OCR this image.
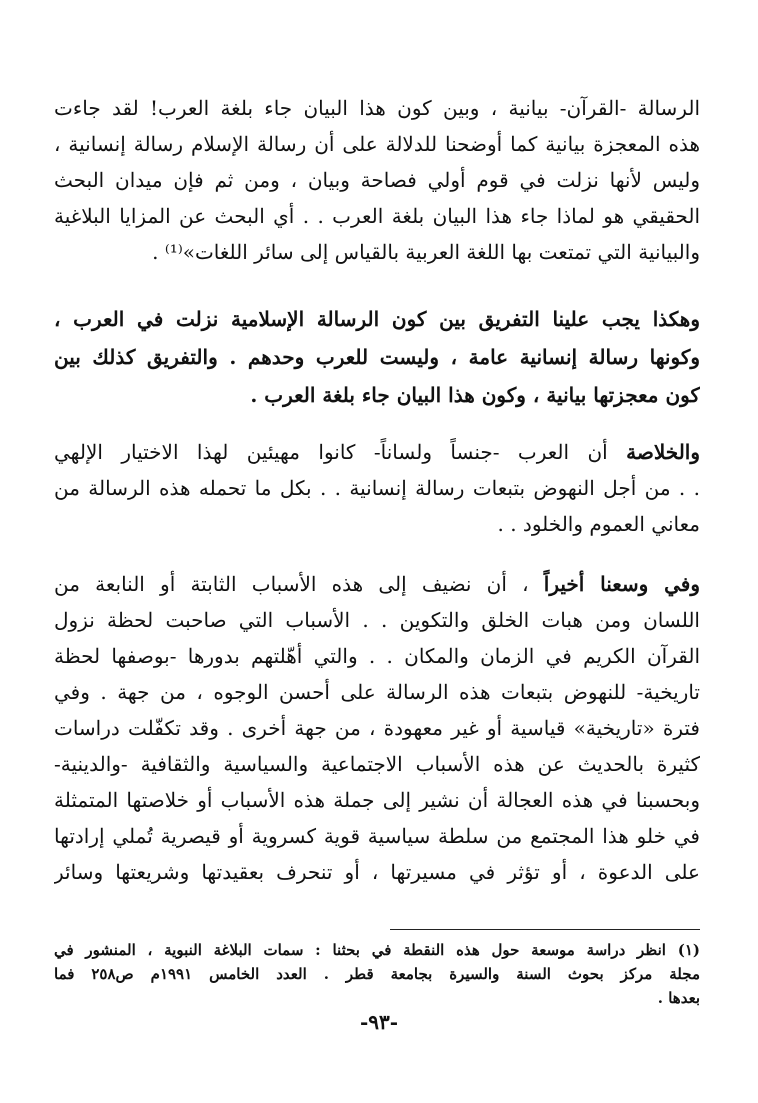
الرسالة -القرآن- بيانية ، وبين كون هذا البيان جاء بلغة العرب! لقد جاءت
هذه المعجزة بيانية كما أوضحنا للدلالة على أن رسالة الإسلام رسالة إنسانية ،
وليس لأنها نزلت في قوم أولي فصاحة وبيان ، ومن ثم فإن ميدان البحث
الحقيقي هو لماذا جاء هذا البيان بلغة العرب . . أي البحث عن المزايا البلاغية
والبيانية التي تمتعت بها اللغة العربية بالقياس إلى سائر اللغات»⁽¹⁾ .
وهكذا يجب علينا التفريق بين كون الرسالة الإسلامية نزلت في العرب ،
وكونها رسالة إنسانية عامة ، وليست للعرب وحدهم . والتفريق كذلك بين
كون معجزتها بيانية ، وكون هذا البيان جاء بلغة العرب .
والخلاصة أن العرب -جنساً ولساناً- كانوا مهيئين لهذا الاختيار الإلهي
. . من أجل النهوض بتبعات رسالة إنسانية . . بكل ما تحمله هذه الرسالة من
معاني العموم والخلود . .
وفي وسعنا أخيراً ، أن نضيف إلى هذه الأسباب الثابتة أو النابعة من
اللسان ومن هبات الخلق والتكوين . . الأسباب التي صاحبت لحظة نزول
القرآن الكريم في الزمان والمكان . . والتي أهّلتهم بدورها -بوصفها لحظة
تاريخية- للنهوض بتبعات هذه الرسالة على أحسن الوجوه ، من جهة . وفي
فترة «تاريخية» قياسية أو غير معهودة ، من جهة أخرى . وقد تكفّلت دراسات
كثيرة بالحديث عن هذه الأسباب الاجتماعية والسياسية والثقافية -والدينية-
وبحسبنا في هذه العجالة أن نشير إلى جملة هذه الأسباب أو خلاصتها المتمثلة
في خلو هذا المجتمع من سلطة سياسية قوية كسروية أو قيصرية تُملي إرادتها
على الدعوة ، أو تؤثر في مسيرتها ، أو تنحرف بعقيدتها وشريعتها وسائر
(١) انظر دراسة موسعة حول هذه النقطة في بحثنا : سمات البلاغة النبوية ، المنشور في
مجلة مركز بحوث السنة والسيرة بجامعة قطر . العدد الخامس ١٩٩١م ص٢٥٨ فما
بعدها .
-٩٣-
